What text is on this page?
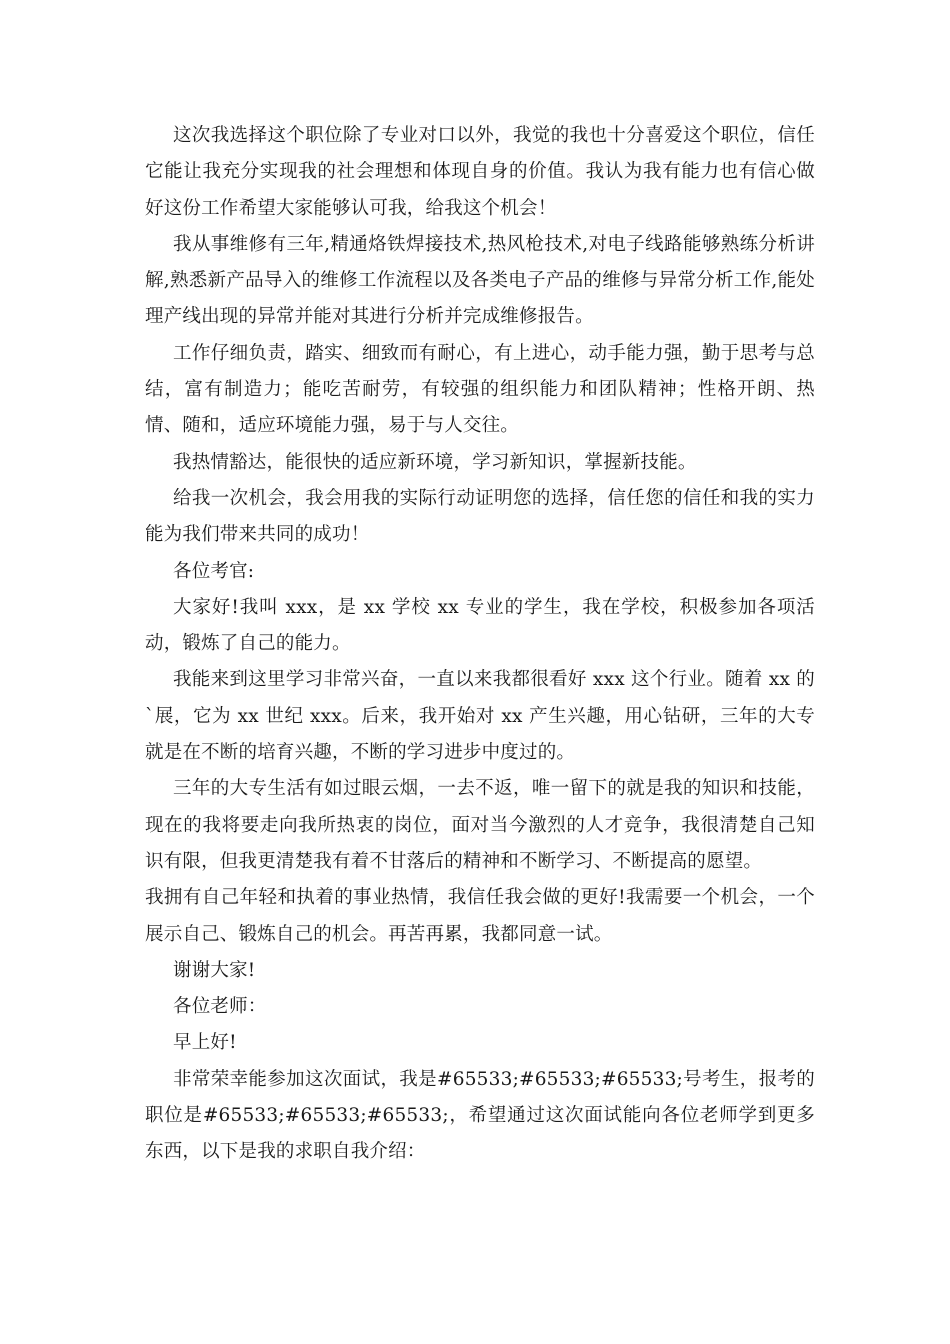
这次我选择这个职位除了专业对口以外，我觉的我也十分喜爱这个职位，信任它能让我充分实现我的社会理想和体现自身的价值。我认为我有能力也有信心做好这份工作希望大家能够认可我，给我这个机会！

我从事维修有三年,精通烙铁焊接技术,热风枪技术,对电子线路能够熟练分析讲解,熟悉新产品导入的维修工作流程以及各类电子产品的维修与异常分析工作,能处理产线出现的异常并能对其进行分析并完成维修报告。

工作仔细负责，踏实、细致而有耐心，有上进心，动手能力强，勤于思考与总结，富有制造力；能吃苦耐劳，有较强的组织能力和团队精神；性格开朗、热情、随和，适应环境能力强，易于与人交往。

我热情豁达，能很快的适应新环境，学习新知识，掌握新技能。

给我一次机会，我会用我的实际行动证明您的选择，信任您的信任和我的实力能为我们带来共同的成功！

各位考官:

大家好!我叫 xxx，是 xx 学校 xx 专业的学生，我在学校，积极参加各项活动，锻炼了自己的能力。

我能来到这里学习非常兴奋，一直以来我都很看好 xxx 这个行业。随着 xx 的`展，它为 xx 世纪 xxx。后来，我开始对 xx 产生兴趣，用心钻研，三年的大专就是在不断的培育兴趣，不断的学习进步中度过的。

三年的大专生活有如过眼云烟，一去不返，唯一留下的就是我的知识和技能，现在的我将要走向我所热衷的岗位，面对当今激烈的人才竞争，我很清楚自己知识有限，但我更清楚我有着不甘落后的精神和不断学习、不断提高的愿望。

我拥有自己年轻和执着的事业热情，我信任我会做的更好!我需要一个机会，一个展示自己、锻炼自己的机会。再苦再累，我都同意一试。

谢谢大家!

各位老师：

早上好!

非常荣幸能参加这次面试，我是#65533;#65533;#65533;号考生，报考的职位是#65533;#65533;#65533;，希望通过这次面试能向各位老师学到更多东西，以下是我的求职自我介绍：
